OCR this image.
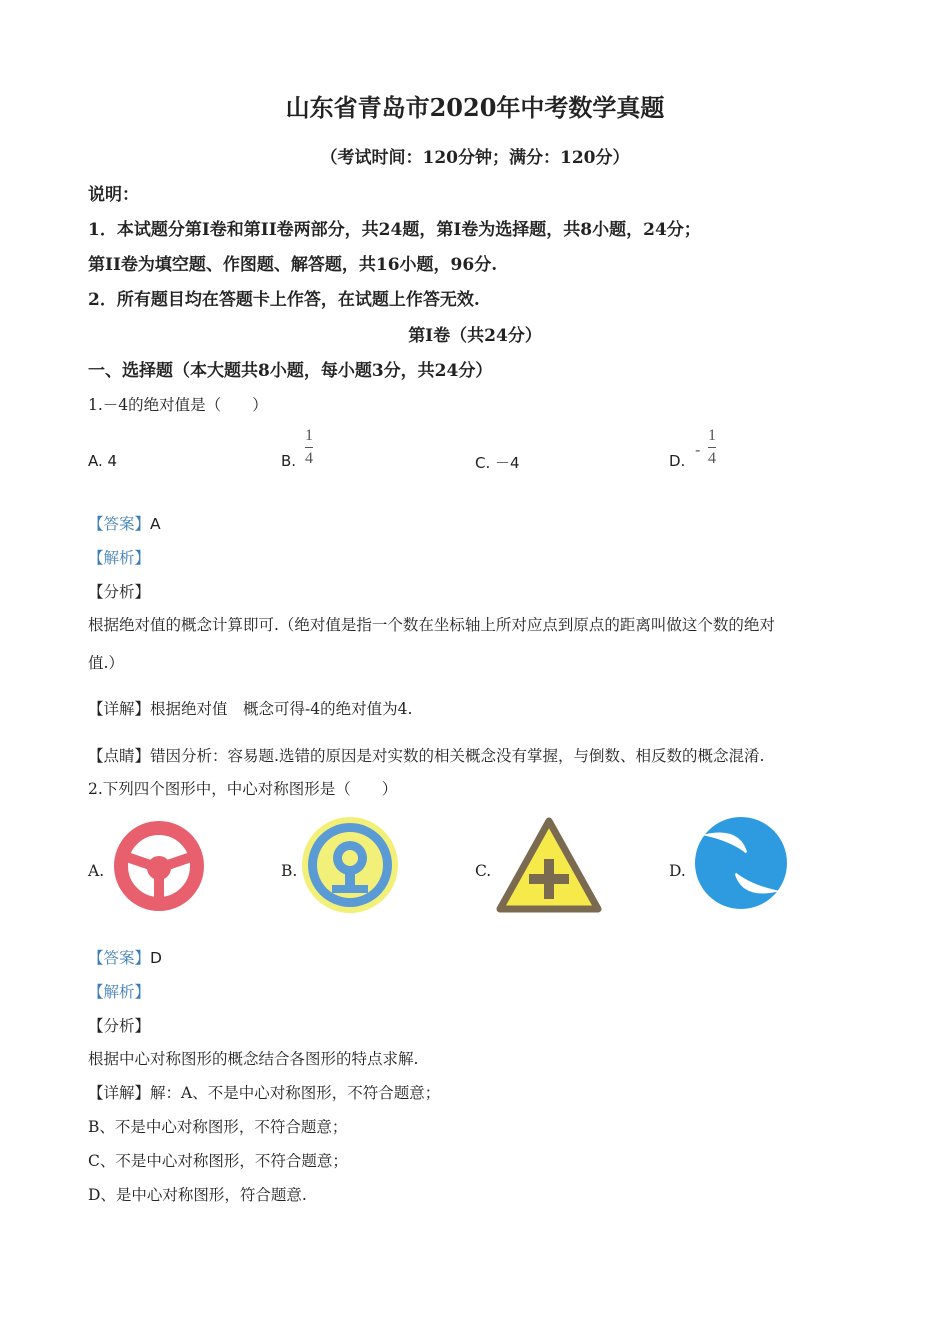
山东省青岛市2020年中考数学真题
（考试时间：120分钟；满分：120分）
说明：
1．本试题分第I卷和第II卷两部分，共24题，第I卷为选择题，共8小题，24分；
第II卷为填空题、作图题、解答题，共16小题，96分.
2．所有题目均在答题卡上作答，在试题上作答无效.
第I卷（共24分）
一、选择题（本大题共8小题，每小题3分，共24分）
1.－4的绝对值是（　　）
A. 4	B. $\frac{1}{4}$	C. －4	D.
- $\frac{1}{4}$
【答案】A
【解析】
【分析】
根据绝对值的概念计算即可.（绝对值是指一个数在坐标轴上所对应点到原点的距离叫做这个数的绝对
值.）
【详解】根据绝对值　概念可得-4的绝对值为4.
【点睛】错因分析：容易题.选错的原因是对实数的相关概念没有掌握，与倒数、相反数的概念混淆.
2.下列四个图形中，中心对称图形是（　　）
A.	B.	C.	D.
【答案】D
【解析】
【分析】
根据中心对称图形的概念结合各图形的特点求解.
【详解】解：A、不是中心对称图形，不符合题意；
B、不是中心对称图形，不符合题意；
C、不是中心对称图形，不符合题意；
D、是中心对称图形，符合题意.
